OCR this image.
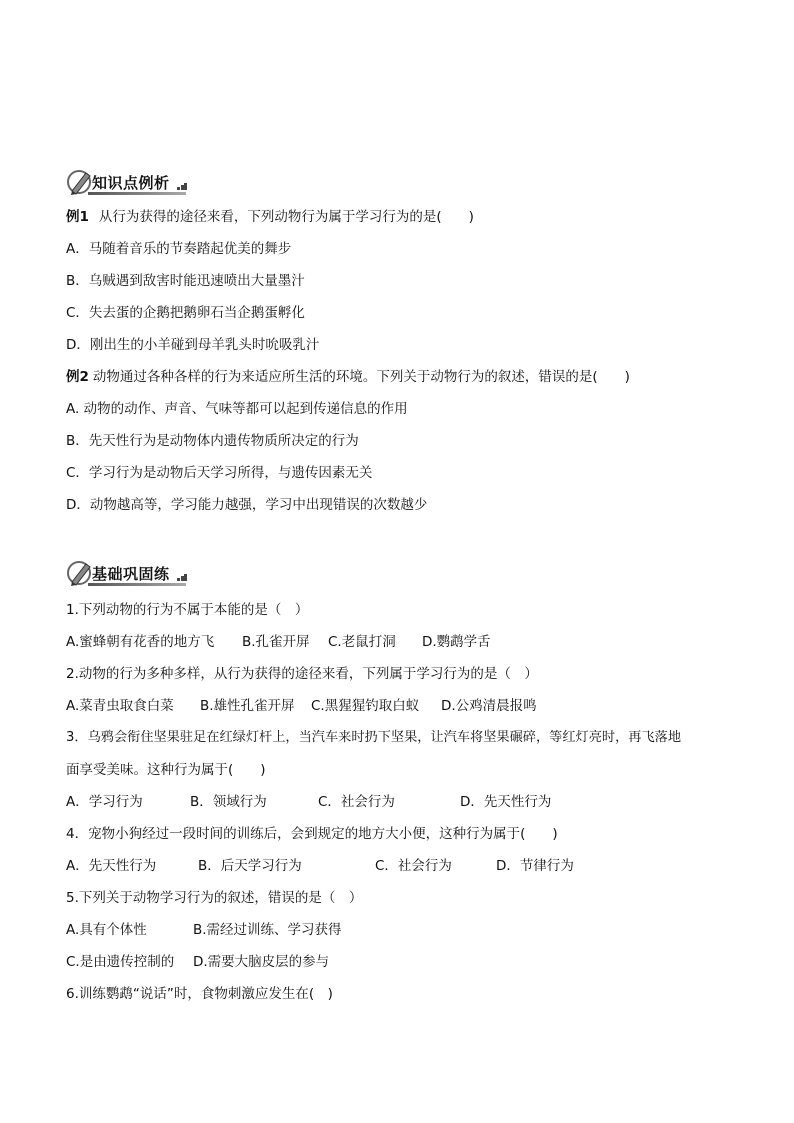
知识点例析
例1 从行为获得的途径来看，下列动物行为属于学习行为的是(　　)
A．马随着音乐的节奏踏起优美的舞步
B．乌贼遇到敌害时能迅速喷出大量墨汁
C．失去蛋的企鹅把鹅卵石当企鹅蛋孵化
D．刚出生的小羊碰到母羊乳头时吮吸乳汁
例2 动物通过各种各样的行为来适应所生活的环境。下列关于动物行为的叙述，错误的是(　　)
A. 动物的动作、声音、气味等都可以起到传递信息的作用
B．先天性行为是动物体内遗传物质所决定的行为
C．学习行为是动物后天学习所得，与遗传因素无关
D．动物越高等，学习能力越强，学习中出现错误的次数越少
基础巩固练
1.下列动物的行为不属于本能的是（　）
A.蜜蜂朝有花香的地方飞 B.孔雀开屏 C.老鼠打洞 D.鹦鹉学舌
2.动物的行为多种多样，从行为获得的途径来看，下列属于学习行为的是（　）
A.菜青虫取食白菜 B.雄性孔雀开屏 C.黑猩猩钓取白蚁 D.公鸡清晨报鸣
3．乌鸦会衔住坚果驻足在红绿灯杆上，当汽车来时扔下坚果，让汽车将坚果碾碎，等红灯亮时，再飞落地
面享受美味。这种行为属于(　　)
A．学习行为	B．领域行为	C．社会行为	D．先天性行为
4．宠物小狗经过一段时间的训练后，会到规定的地方大小便，这种行为属于(　　)
A．先天性行为	B．后天学习行为	C．社会行为	D．节律行为
5.下列关于动物学习行为的叙述，错误的是（　）
A.具有个体性	B.需经过训练、学习获得
C.是由遗传控制的 D.需要大脑皮层的参与
6.训练鹦鹉“说话”时，食物刺激应发生在(　)
